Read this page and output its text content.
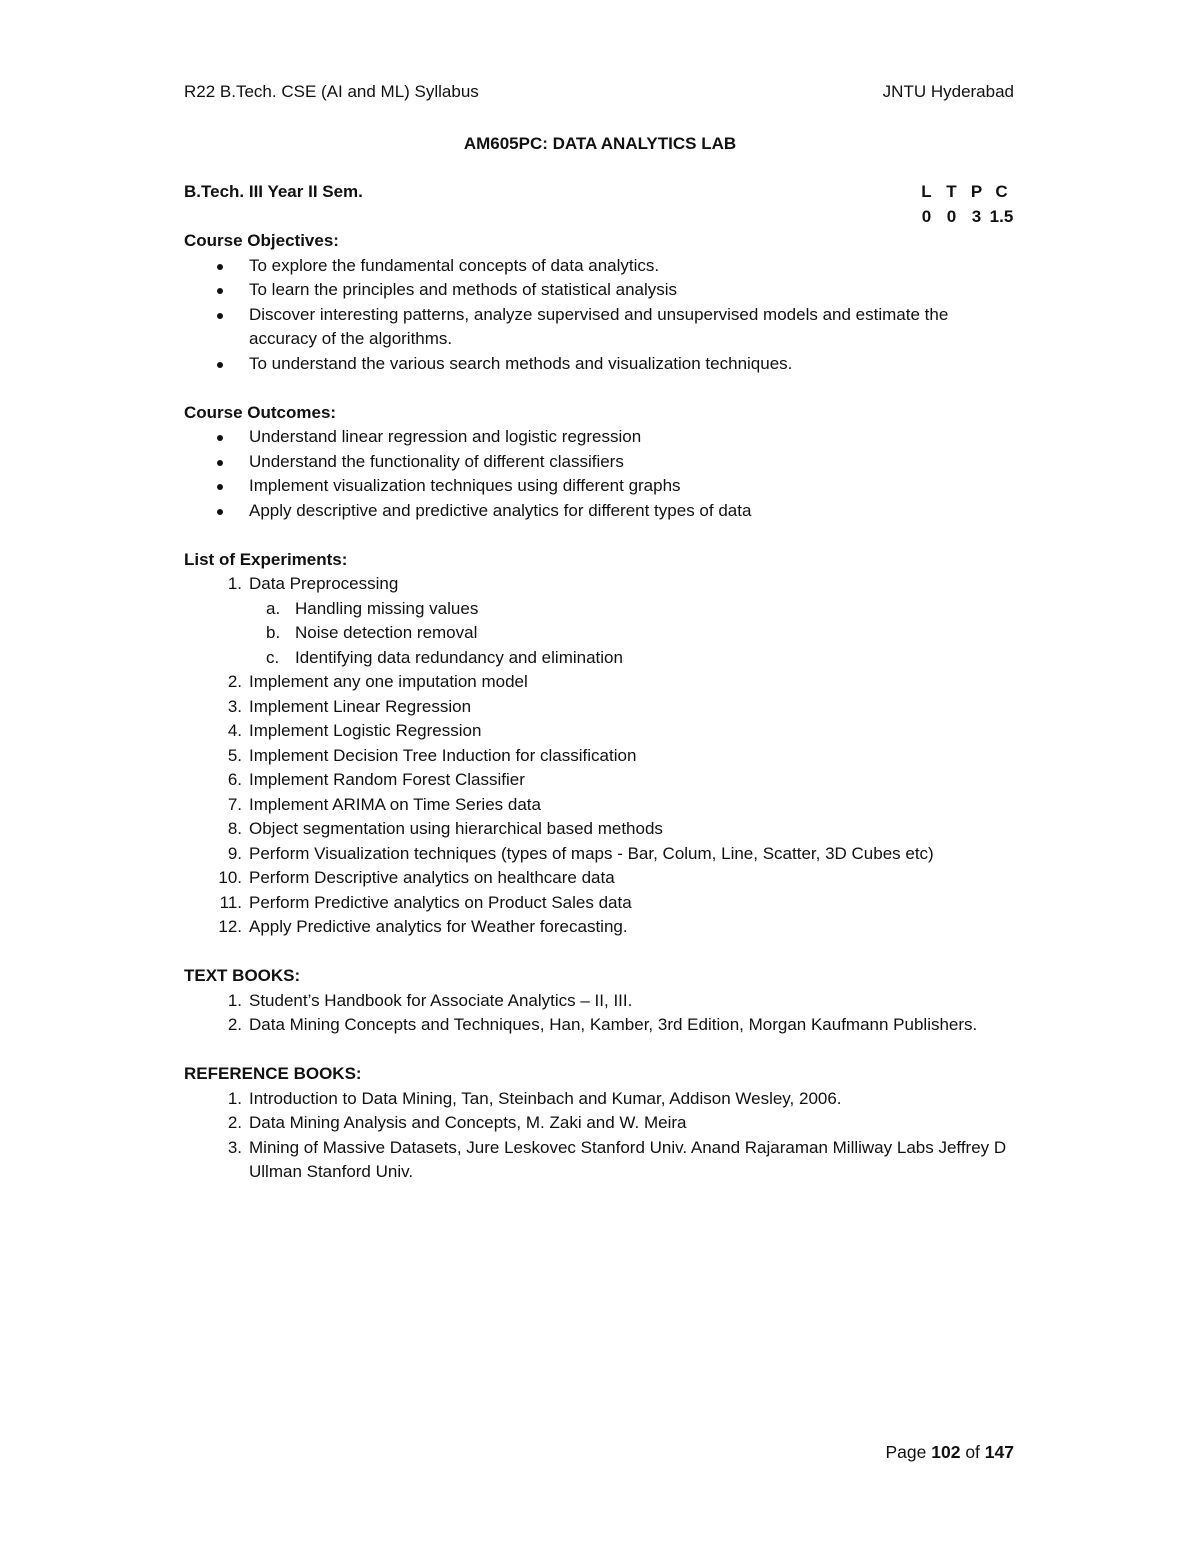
R22 B.Tech. CSE (AI and ML) Syllabus	JNTU Hyderabad
AM605PC: DATA ANALYTICS LAB
B.Tech. III Year II Sem.	L T P C
0 0 3 1.5
Course Objectives:
To explore the fundamental concepts of data analytics.
To learn the principles and methods of statistical analysis
Discover interesting patterns, analyze supervised and unsupervised models and estimate the accuracy of the algorithms.
To understand the various search methods and visualization techniques.
Course Outcomes:
Understand linear regression and logistic regression
Understand the functionality of different classifiers
Implement visualization techniques using different graphs
Apply descriptive and predictive analytics for different types of data
List of Experiments:
1. Data Preprocessing
a. Handling missing values
b. Noise detection removal
c. Identifying data redundancy and elimination
2. Implement any one imputation model
3. Implement Linear Regression
4. Implement Logistic Regression
5. Implement Decision Tree Induction for classification
6. Implement Random Forest Classifier
7. Implement ARIMA on Time Series data
8. Object segmentation using hierarchical based methods
9. Perform Visualization techniques (types of maps - Bar, Colum, Line, Scatter, 3D Cubes etc)
10. Perform Descriptive analytics on healthcare data
11. Perform Predictive analytics on Product Sales data
12. Apply Predictive analytics for Weather forecasting.
TEXT BOOKS:
1. Student’s Handbook for Associate Analytics – II, III.
2. Data Mining Concepts and Techniques, Han, Kamber, 3rd Edition, Morgan Kaufmann Publishers.
REFERENCE BOOKS:
1. Introduction to Data Mining, Tan, Steinbach and Kumar, Addison Wesley, 2006.
2. Data Mining Analysis and Concepts, M. Zaki and W. Meira
3. Mining of Massive Datasets, Jure Leskovec Stanford Univ. Anand Rajaraman Milliway Labs Jeffrey D Ullman Stanford Univ.
Page 102 of 147
